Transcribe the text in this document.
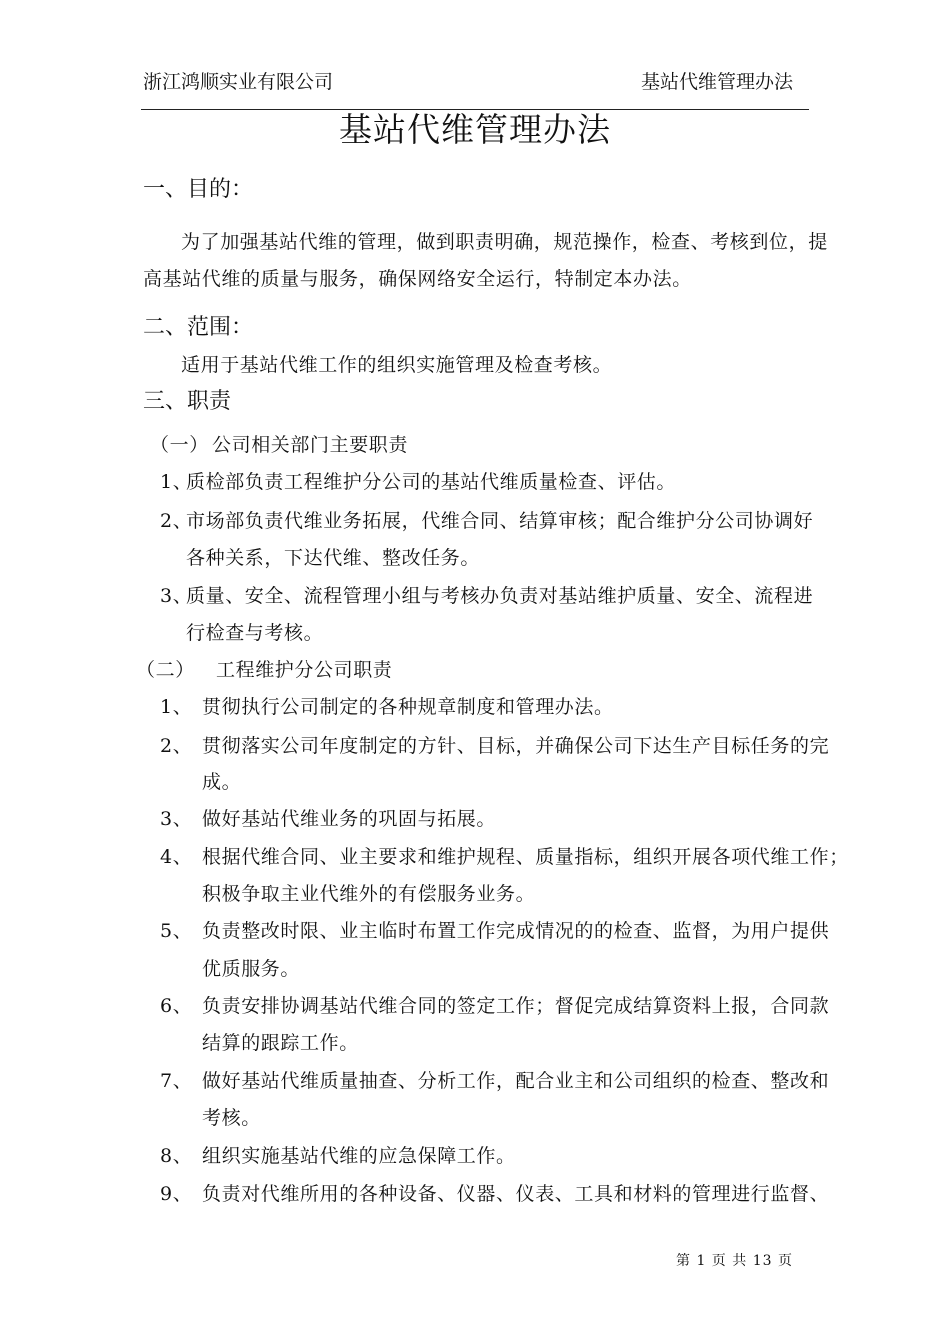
浙江鸿顺实业有限公司	基站代维管理办法
基站代维管理办法
一、目的：
为了加强基站代维的管理，做到职责明确，规范操作，检查、考核到位，提
高基站代维的质量与服务，确保网络安全运行，特制定本办法。
二、范围：
适用于基站代维工作的组织实施管理及检查考核。
三、职责
（一） 公司相关部门主要职责
1、
质检部负责工程维护分公司的基站代维质量检查、评估。
2、
市场部负责代维业务拓展，代维合同、结算审核；配合维护分公司协调好
各种关系，下达代维、整改任务。
3、
质量、安全、流程管理小组与考核办负责对基站维护质量、安全、流程进
行检查与考核。
（二） 工程维护分公司职责
1、 贯彻执行公司制定的各种规章制度和管理办法。
2、 贯彻落实公司年度制定的方针、目标，并确保公司下达生产目标任务的完
成。
3、 做好基站代维业务的巩固与拓展。
4、 根据代维合同、业主要求和维护规程、质量指标，组织开展各项代维工作；
积极争取主业代维外的有偿服务业务。
5、 负责整改时限、业主临时布置工作完成情况的的检查、监督，为用户提供
优质服务。
6、 负责安排协调基站代维合同的签定工作；督促完成结算资料上报，合同款
结算的跟踪工作。
7、 做好基站代维质量抽查、分析工作，配合业主和公司组织的检查、整改和
考核。
8、 组织实施基站代维的应急保障工作。
9、 负责对代维所用的各种设备、仪器、仪表、工具和材料的管理进行监督、
第 1 页 共 13 页
